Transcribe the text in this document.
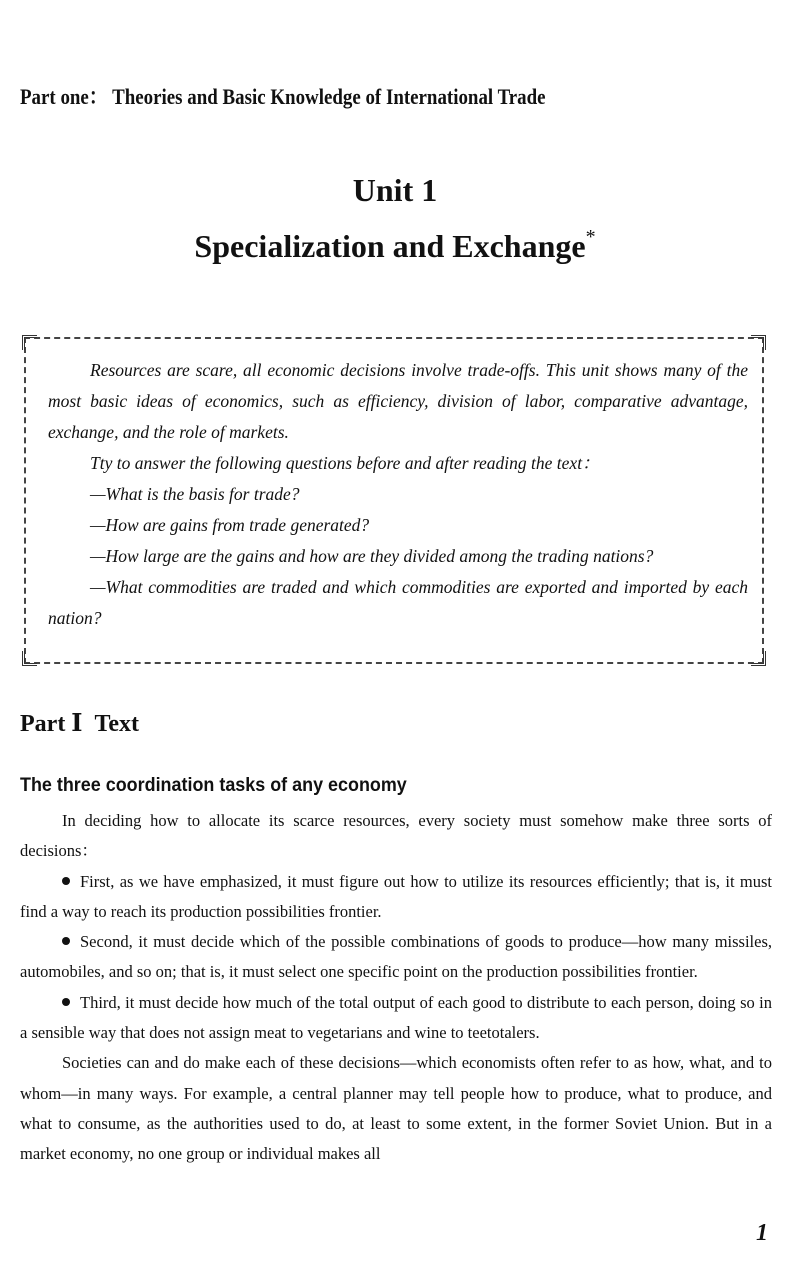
Part one： Theories and Basic Knowledge of International Trade
Unit 1
Specialization and Exchange*

Resources are scare, all economic decisions involve trade-offs. This unit shows many of the most basic ideas of economics, such as efficiency, division of labor, comparative advantage, exchange, and the role of markets.

Tty to answer the following questions before and after reading the text：

—What is the basis for trade?

—How are gains from trade generated?

—How large are the gains and how are they divided among the trading nations?

—What commodities are traded and which commodities are exported and imported by each nation?

Part Ⅰ Text
The three coordination tasks of any economy

In deciding how to allocate its scarce resources, every society must somehow make three sorts of decisions：

First, as we have emphasized, it must figure out how to utilize its resources efficiently; that is, it must find a way to reach its production possibilities frontier.

Second, it must decide which of the possible combinations of goods to produce—how many missiles, automobiles, and so on; that is, it must select one specific point on the production possibilities frontier.

Third, it must decide how much of the total output of each good to distribute to each person, doing so in a sensible way that does not assign meat to vegetarians and wine to teetotalers.

Societies can and do make each of these decisions—which economists often refer to as how, what, and to whom—in many ways. For example, a central planner may tell people how to produce, what to produce, and what to consume, as the authorities used to do, at least to some extent, in the former Soviet Union. But in a market economy, no one group or individual makes all

1
